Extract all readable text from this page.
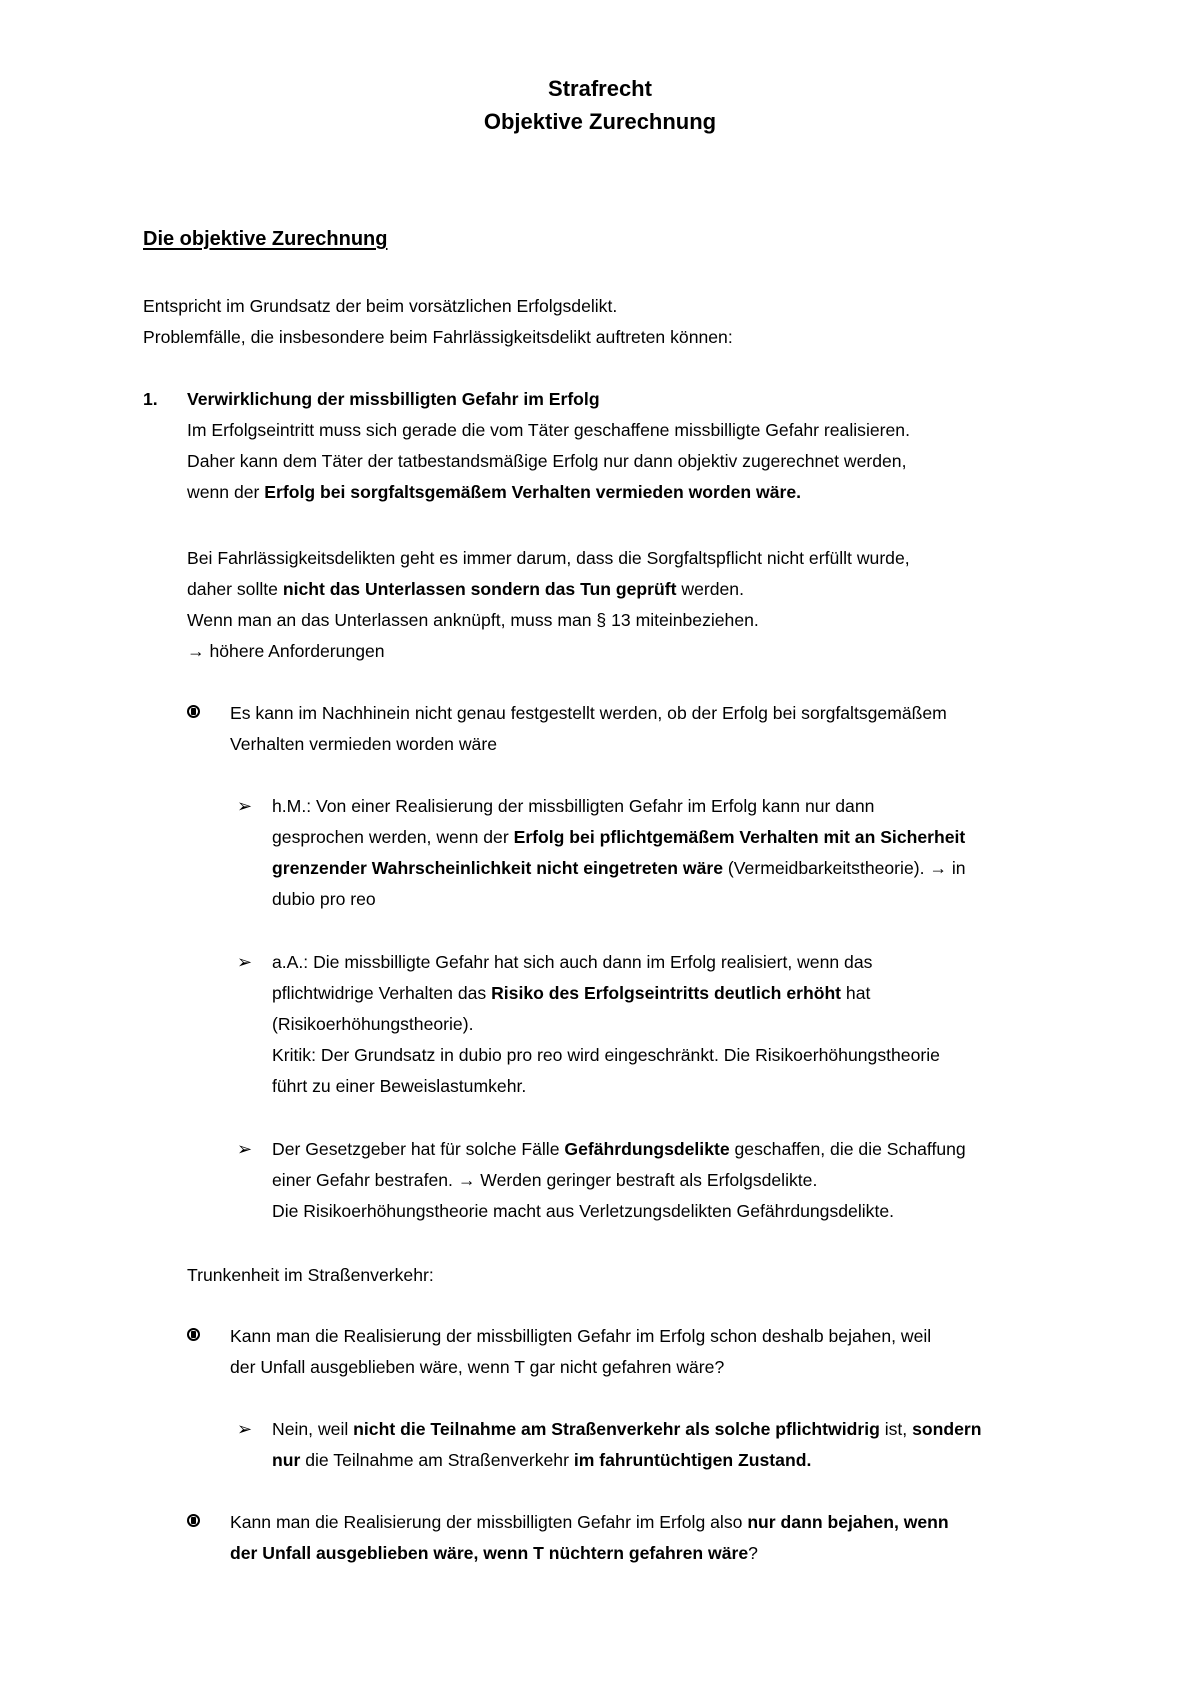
Strafrecht
Objektive Zurechnung
Die objektive Zurechnung

Entspricht im Grundsatz der beim vorsätzlichen Erfolgsdelikt.

Problemfälle, die insbesondere beim Fahrlässigkeitsdelikt auftreten können:

1. Verwirklichung der missbilligten Gefahr im Erfolg

Im Erfolgseintritt muss sich gerade die vom Täter geschaffene missbilligte Gefahr realisieren.

Daher kann dem Täter der tatbestandsmäßige Erfolg nur dann objektiv zugerechnet werden,

wenn der Erfolg bei sorgfaltsgemäßem Verhalten vermieden worden wäre.

Bei Fahrlässigkeitsdelikten geht es immer darum, dass die Sorgfaltspflicht nicht erfüllt wurde,

daher sollte nicht das Unterlassen sondern das Tun geprüft werden.

Wenn man an das Unterlassen anknüpft, muss man § 13 miteinbeziehen.

→ höhere Anforderungen

Es kann im Nachhinein nicht genau festgestellt werden, ob der Erfolg bei sorgfaltsgemäßem

Verhalten vermieden worden wäre

➢ h.M.: Von einer Realisierung der missbilligten Gefahr im Erfolg kann nur dann

gesprochen werden, wenn der Erfolg bei pflichtgemäßem Verhalten mit an Sicherheit

grenzender Wahrscheinlichkeit nicht eingetreten wäre (Vermeidbarkeitstheorie). → in

dubio pro reo

➢ a.A.: Die missbilligte Gefahr hat sich auch dann im Erfolg realisiert, wenn das

pflichtwidrige Verhalten das Risiko des Erfolgseintritts deutlich erhöht hat

(Risikoerhöhungstheorie).

Kritik: Der Grundsatz in dubio pro reo wird eingeschränkt. Die Risikoerhöhungstheorie

führt zu einer Beweislastumkehr.

➢ Der Gesetzgeber hat für solche Fälle Gefährdungsdelikte geschaffen, die die Schaffung

einer Gefahr bestrafen. → Werden geringer bestraft als Erfolgsdelikte.

Die Risikoerhöhungstheorie macht aus Verletzungsdelikten Gefährdungsdelikte.

Trunkenheit im Straßenverkehr:

Kann man die Realisierung der missbilligten Gefahr im Erfolg schon deshalb bejahen, weil

der Unfall ausgeblieben wäre, wenn T gar nicht gefahren wäre?

➢ Nein, weil nicht die Teilnahme am Straßenverkehr als solche pflichtwidrig ist, sondern

nur die Teilnahme am Straßenverkehr im fahruntüchtigen Zustand.

Kann man die Realisierung der missbilligten Gefahr im Erfolg also nur dann bejahen, wenn

der Unfall ausgeblieben wäre, wenn T nüchtern gefahren wäre?
